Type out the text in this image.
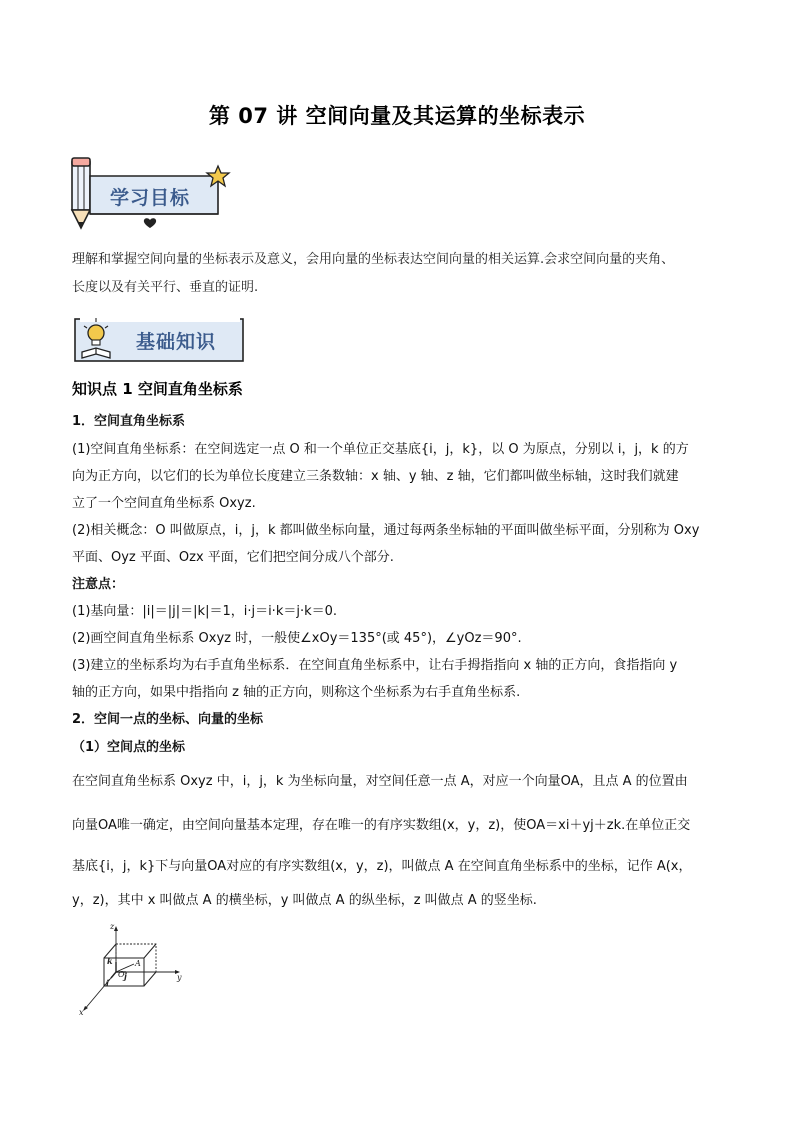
第 07 讲 空间向量及其运算的坐标表示
学习目标
理解和掌握空间向量的坐标表示及意义，会用向量的坐标表达空间向量的相关运算.会求空间向量的夹角、
长度以及有关平行、垂直的证明.
基础知识
知识点 1 空间直角坐标系
1．空间直角坐标系
(1)空间直角坐标系：在空间选定一点 O 和一个单位正交基底{i，j，k}，以 O 为原点，分别以 i，j，k 的方
向为正方向，以它们的长为单位长度建立三条数轴：x 轴、y 轴、z 轴，它们都叫做坐标轴，这时我们就建
立了一个空间直角坐标系 Oxyz.
(2)相关概念：O 叫做原点，i，j，k 都叫做坐标向量，通过每两条坐标轴的平面叫做坐标平面，分别称为 Oxy
平面、Oyz 平面、Ozx 平面，它们把空间分成八个部分.
注意点：
(1)基向量：|i|＝|j|＝|k|＝1，i·j＝i·k＝j·k＝0.
(2)画空间直角坐标系 Oxyz 时，一般使∠xOy＝135°(或 45°)，∠yOz＝90°.
(3)建立的坐标系均为右手直角坐标系．在空间直角坐标系中，让右手拇指指向 x 轴的正方向，食指指向 y
轴的正方向，如果中指指向 z 轴的正方向，则称这个坐标系为右手直角坐标系.
2．空间一点的坐标、向量的坐标
（1）空间点的坐标
在空间直角坐标系 Oxyz 中，i，j，k 为坐标向量，对空间任意一点 A，对应一个向量OA，且点 A 的位置由
向量OA唯一确定，由空间向量基本定理，存在唯一的有序实数组(x，y，z)，使OA＝xi＋yj＋zk.在单位正交
基底{i，j，k}下与向量OA对应的有序实数组(x，y，z)，叫做点 A 在空间直角坐标系中的坐标，记作 A(x，
y，z)，其中 x 叫做点 A 的横坐标，y 叫做点 A 的纵坐标，z 叫做点 A 的竖坐标.
z
y
x
k
O j
i
A
